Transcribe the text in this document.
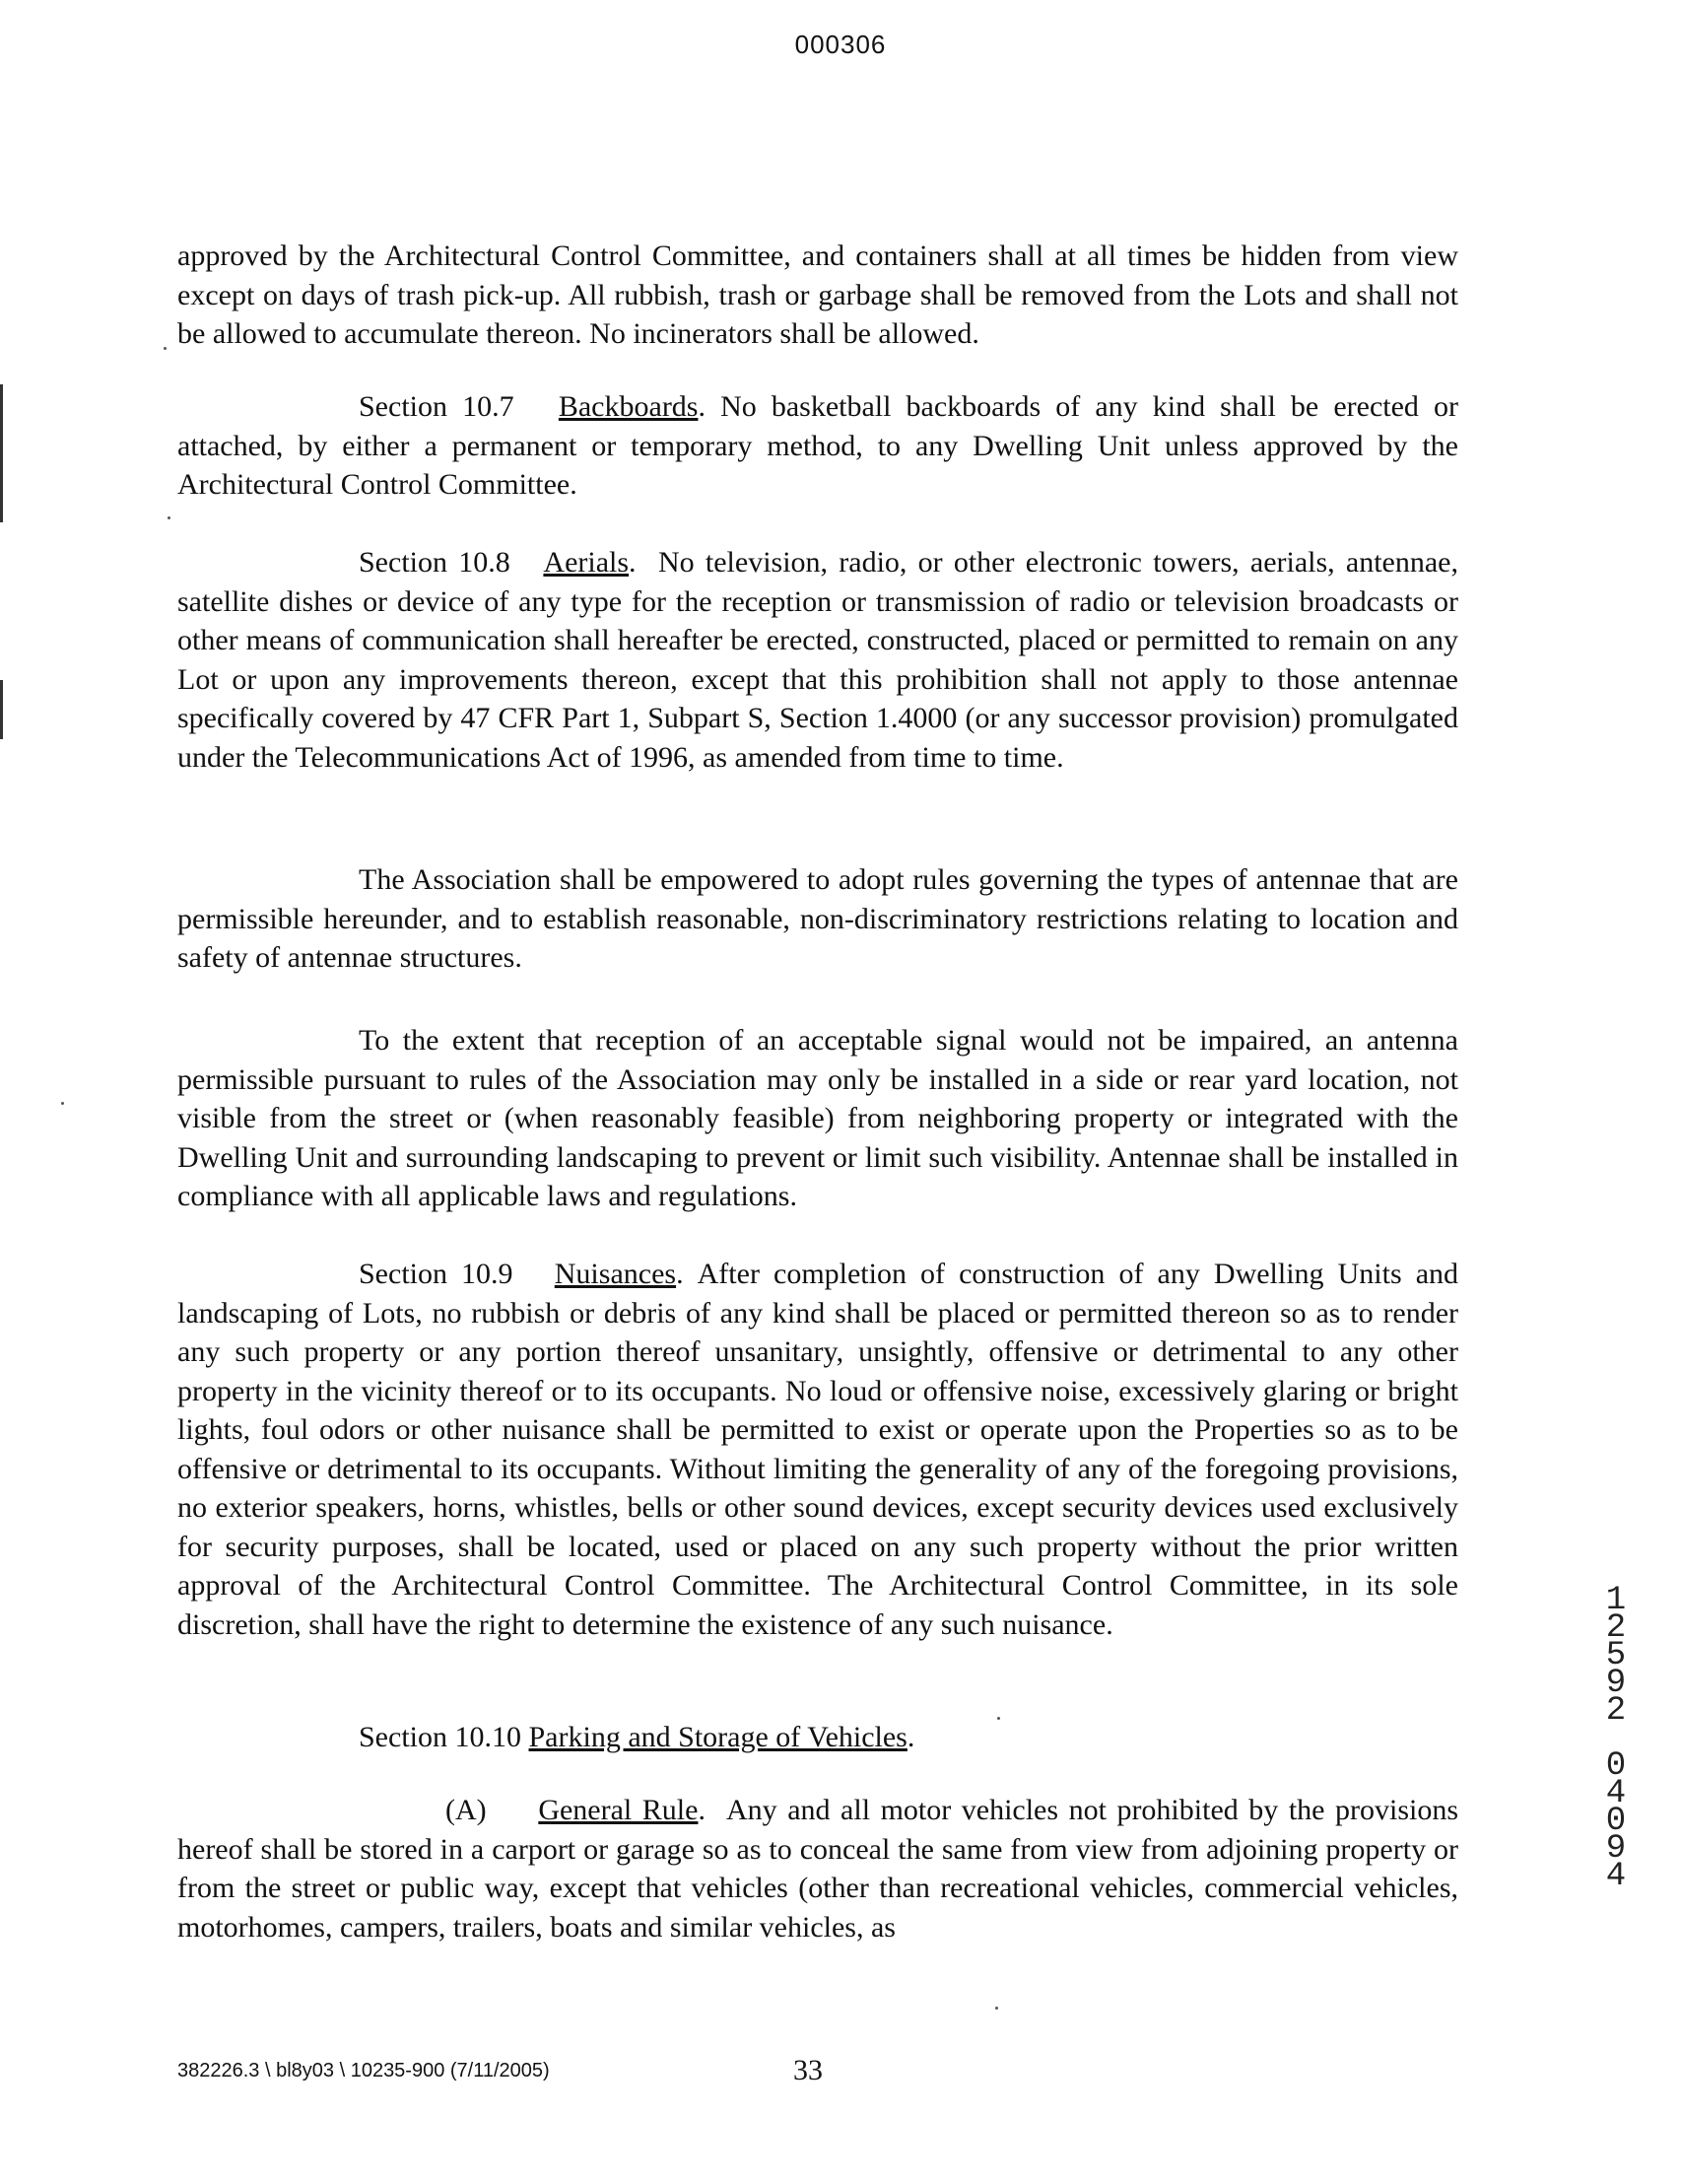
000306

approved by the Architectural Control Committee, and containers shall at all times be hidden from view except on days of trash pick-up. All rubbish, trash or garbage shall be removed from the Lots and shall not be allowed to accumulate thereon. No incinerators shall be allowed.

Section 10.7 Backboards. No basketball backboards of any kind shall be erected or attached, by either a permanent or temporary method, to any Dwelling Unit unless approved by the Architectural Control Committee.

Section 10.8 Aerials.  No television, radio, or other electronic towers, aerials, antennae, satellite dishes or device of any type for the reception or transmission of radio or television broadcasts or other means of communication shall hereafter be erected, constructed, placed or permitted to remain on any Lot or upon any improvements thereon, except that this prohibition shall not apply to those antennae specifically covered by 47 CFR Part 1, Subpart S, Section 1.4000 (or any successor provision) promulgated under the Telecommunications Act of 1996, as amended from time to time.

The Association shall be empowered to adopt rules governing the types of antennae that are permissible hereunder, and to establish reasonable, non-discriminatory restrictions relating to location and safety of antennae structures.

To the extent that reception of an acceptable signal would not be impaired, an antenna permissible pursuant to rules of the Association may only be installed in a side or rear yard location, not visible from the street or (when reasonably feasible) from neighboring property or integrated with the Dwelling Unit and surrounding landscaping to prevent or limit such visibility. Antennae shall be installed in compliance with all applicable laws and regulations.

Section 10.9 Nuisances. After completion of construction of any Dwelling Units and landscaping of Lots, no rubbish or debris of any kind shall be placed or permitted thereon so as to render any such property or any portion thereof unsanitary, unsightly, offensive or detrimental to any other property in the vicinity thereof or to its occupants. No loud or offensive noise, excessively glaring or bright lights, foul odors or other nuisance shall be permitted to exist or operate upon the Properties so as to be offensive or detrimental to its occupants. Without limiting the generality of any of the foregoing provisions, no exterior speakers, horns, whistles, bells or other sound devices, except security devices used exclusively for security purposes, shall be located, used or placed on any such property without the prior written approval of the Architectural Control Committee. The Architectural Control Committee, in its sole discretion, shall have the right to determine the existence of any such nuisance.

Section 10.10 Parking and Storage of Vehicles.

(A) General Rule.  Any and all motor vehicles not prohibited by the provisions hereof shall be stored in a carport or garage so as to conceal the same from view from adjoining property or from the street or public way, except that vehicles (other than recreational vehicles, commercial vehicles, motorhomes, campers, trailers, boats and similar vehicles, as

382226.3 \ bl8y03 \ 10235-900 (7/11/2005)	33
1
2
5
9
2
0
4
0
9
4
